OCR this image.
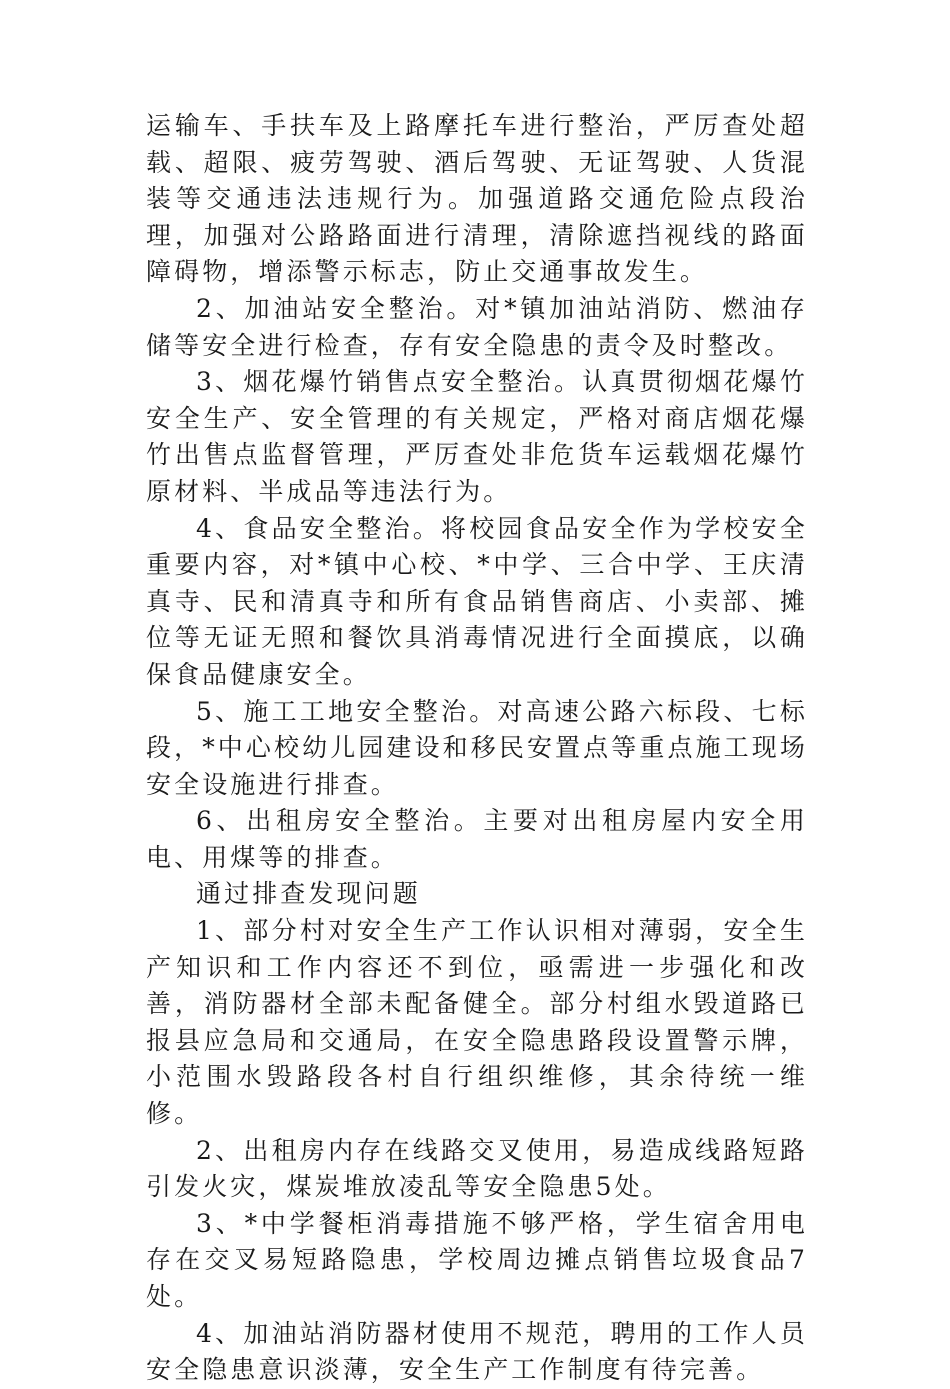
运输车、手扶车及上路摩托车进行整治，严厉查处超载、超限、疲劳驾驶、酒后驾驶、无证驾驶、人货混装等交通违法违规行为。加强道路交通危险点段治理，加强对公路路面进行清理，清除遮挡视线的路面障碍物，增添警示标志，防止交通事故发生。

2、加油站安全整治。对*镇加油站消防、燃油存储等安全进行检查，存有安全隐患的责令及时整改。

3、烟花爆竹销售点安全整治。认真贯彻烟花爆竹安全生产、安全管理的有关规定，严格对商店烟花爆竹出售点监督管理，严厉查处非危货车运载烟花爆竹原材料、半成品等违法行为。

4、食品安全整治。将校园食品安全作为学校安全重要内容，对*镇中心校、*中学、三合中学、王庆清真寺、民和清真寺和所有食品销售商店、小卖部、摊位等无证无照和餐饮具消毒情况进行全面摸底，以确保食品健康安全。

5、施工工地安全整治。对高速公路六标段、七标段，*中心校幼儿园建设和移民安置点等重点施工现场安全设施进行排查。

6、出租房安全整治。主要对出租房屋内安全用电、用煤等的排查。

通过排查发现问题

1、部分村对安全生产工作认识相对薄弱，安全生产知识和工作内容还不到位，亟需进一步强化和改善，消防器材全部未配备健全。部分村组水毁道路已报县应急局和交通局，在安全隐患路段设置警示牌，小范围水毁路段各村自行组织维修，其余待统一维修。

2、出租房内存在线路交叉使用，易造成线路短路引发火灾，煤炭堆放凌乱等安全隐患5处。

3、*中学餐柜消毒措施不够严格，学生宿舍用电存在交叉易短路隐患，学校周边摊点销售垃圾食品7处。

4、加油站消防器材使用不规范，聘用的工作人员安全隐患意识淡薄，安全生产工作制度有待完善。
